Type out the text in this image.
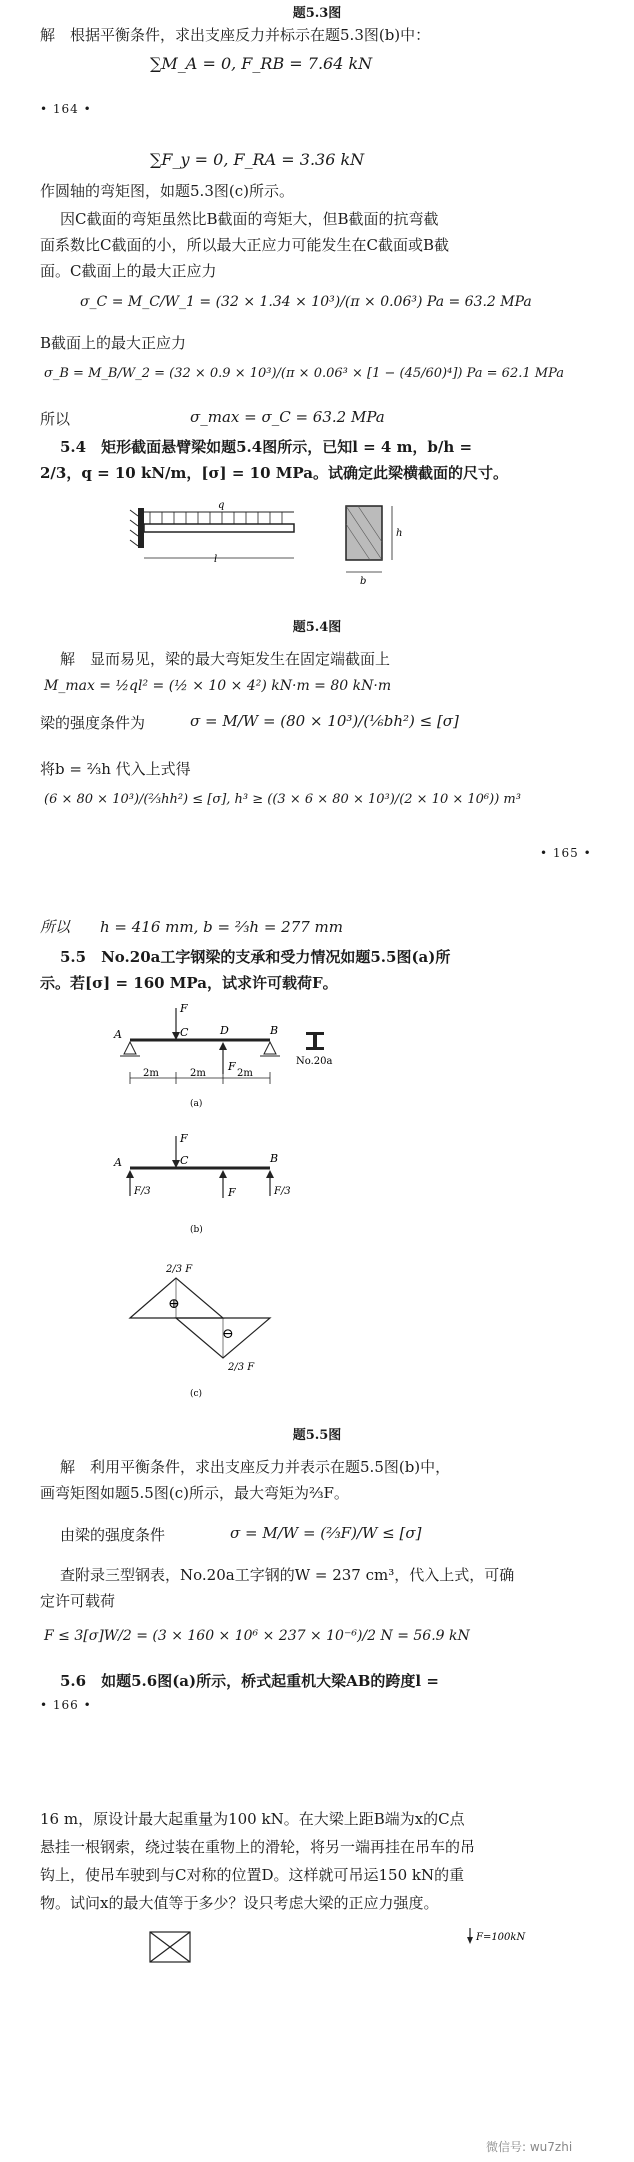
题5.3图
解　根据平衡条件，求出支座反力并标示在题5.3图(b)中：
∑M_A = 0, F_RB = 7.64 kN
• 164 •
∑F_y = 0, F_RA = 3.36 kN
作圆轴的弯矩图，如题5.3图(c)所示。
因C截面的弯矩虽然比B截面的弯矩大，但B截面的抗弯截
面系数比C截面的小，所以最大正应力可能发生在C截面或B截
面。C截面上的最大正应力
σ_C = M_C/W_1 = (32 × 1.34 × 10³)/(π × 0.06³) Pa = 63.2 MPa
B截面上的最大正应力
σ_B = M_B/W_2 = (32 × 0.9 × 10³)/(π × 0.06³ × [1 − (45/60)⁴]) Pa = 62.1 MPa
所以	σ_max = σ_C = 63.2 MPa
5.4　矩形截面悬臂梁如题5.4图所示，已知l = 4 m，b/h =
2/3，q = 10 kN/m，[σ] = 10 MPa。试确定此梁横截面的尺寸。
q
l
h
b
题5.4图
解　显而易见，梁的最大弯矩发生在固定端截面上
M_max = ½ql² = (½ × 10 × 4²) kN·m = 80 kN·m
梁的强度条件为	σ = M/W = (80 × 10³)/(⅙bh²) ≤ [σ]
将b = ⅔h 代入上式得
(6 × 80 × 10³)/(⅔hh²) ≤ [σ], h³ ≥ ((3 × 6 × 80 × 10³)/(2 × 10 × 10⁶)) m³
• 165 •
所以　　h = 416 mm, b = ⅔h = 277 mm
5.5　No.20a工字钢梁的支承和受力情况如题5.5图(a)所
示。若[σ] = 160 MPa，试求许可载荷F。
F
F
A	C	D	B
2m	2m	2m
No.20a
(a)
F
F
A	C	B
F/3	F/3
(b)
2/3 F
2/3 F
⊕
⊖
(c)
题5.5图
解　利用平衡条件，求出支座反力并表示在题5.5图(b)中，
画弯矩图如题5.5图(c)所示，最大弯矩为⅔F。
由梁的强度条件	σ = M/W = (⅔F)/W ≤ [σ]
查附录三型钢表，No.20a工字钢的W = 237 cm³，代入上式，可确
定许可载荷
F ≤ 3[σ]W/2 = (3 × 160 × 10⁶ × 237 × 10⁻⁶)/2 N = 56.9 kN
5.6　如题5.6图(a)所示，桥式起重机大梁AB的跨度l =
• 166 •
16 m，原设计最大起重量为100 kN。在大梁上距B端为x的C点
悬挂一根钢索，绕过装在重物上的滑轮，将另一端再挂在吊车的吊
钩上，使吊车驶到与C对称的位置D。这样就可吊运150 kN的重
物。试问x的最大值等于多少？设只考虑大梁的正应力强度。
F=100kN
微信号: wu7zhi
